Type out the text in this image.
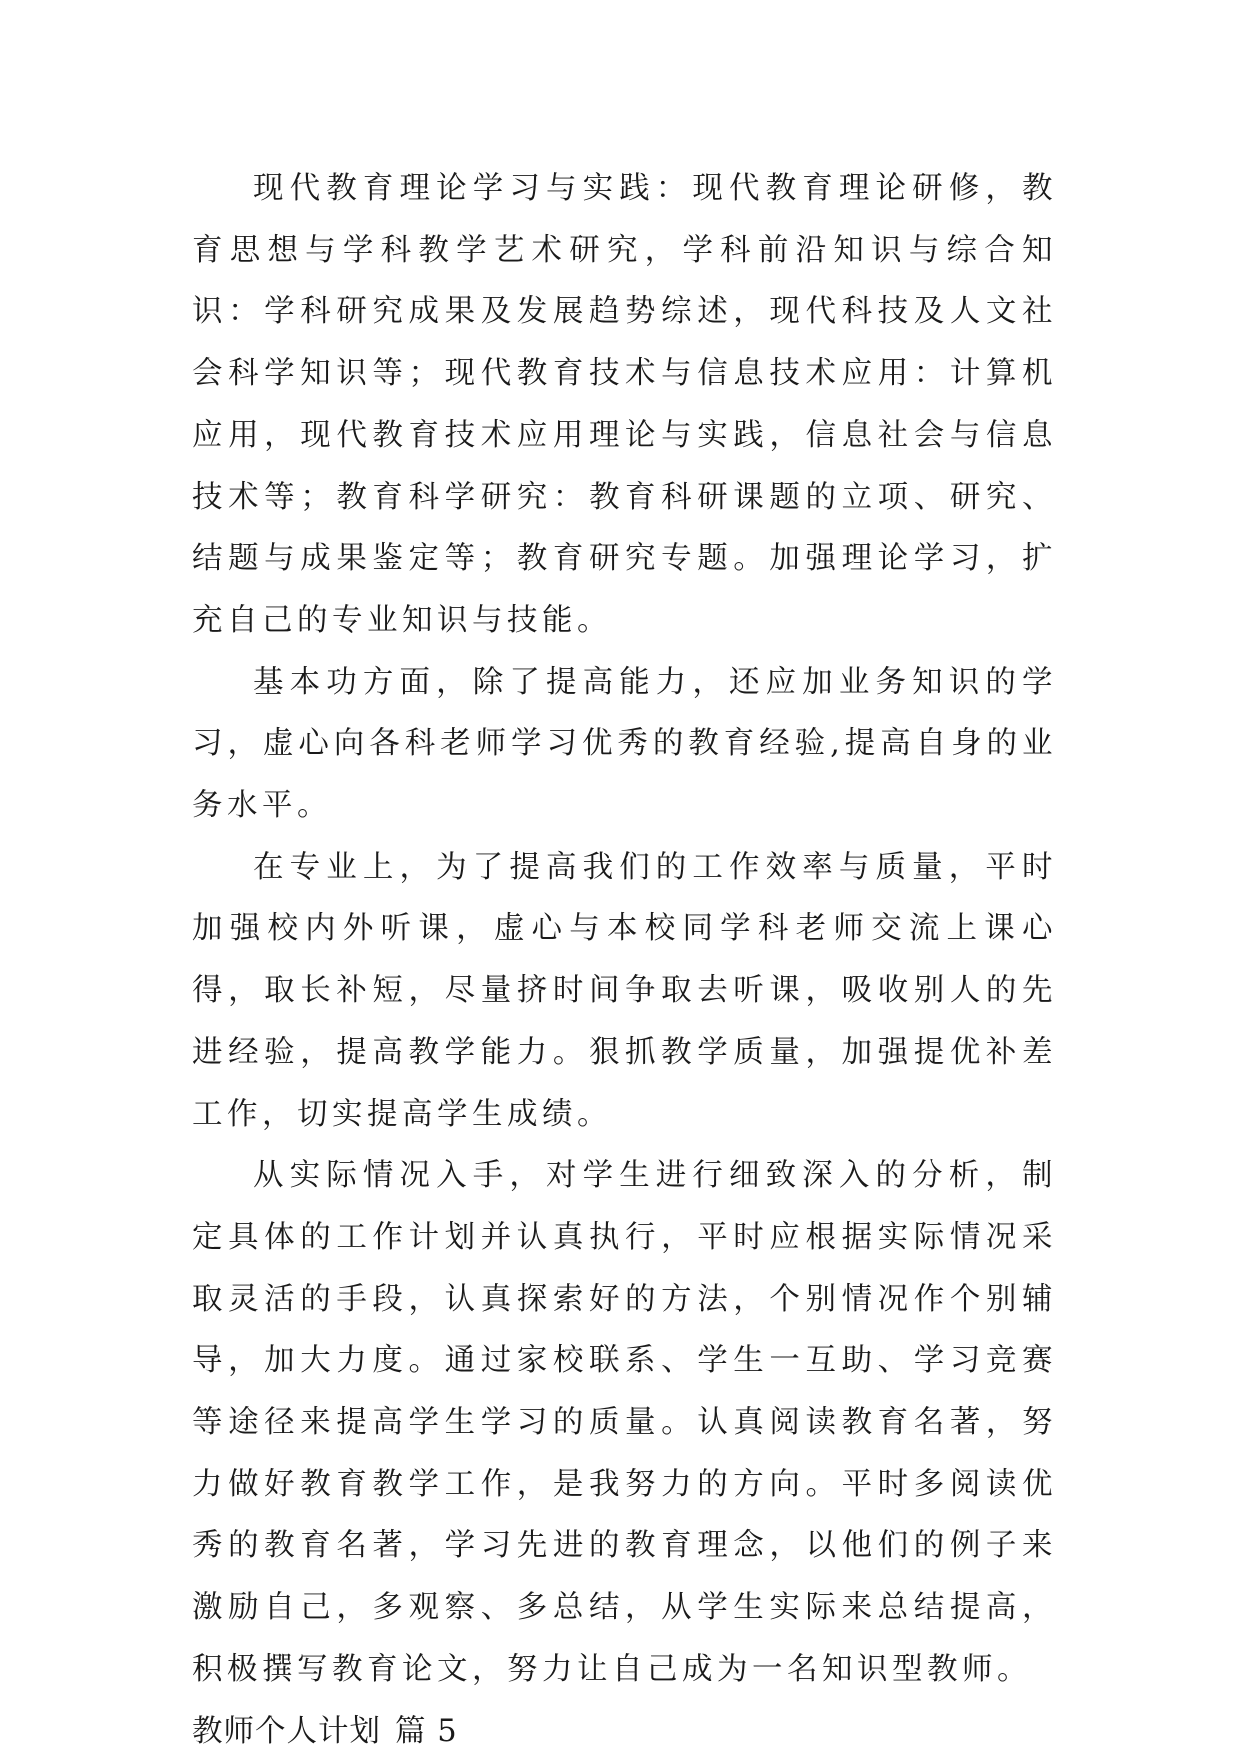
现代教育理论学习与实践：现代教育理论研修，教育思想与学科教学艺术研究，学科前沿知识与综合知识：学科研究成果及发展趋势综述，现代科技及人文社会科学知识等；现代教育技术与信息技术应用：计算机应用，现代教育技术应用理论与实践，信息社会与信息技术等；教育科学研究：教育科研课题的立项、研究、结题与成果鉴定等；教育研究专题。加强理论学习，扩充自己的专业知识与技能。

基本功方面，除了提高能力，还应加业务知识的学习，虚心向各科老师学习优秀的教育经验,提高自身的业务水平。

在专业上，为了提高我们的工作效率与质量，平时加强校内外听课，虚心与本校同学科老师交流上课心得，取长补短，尽量挤时间争取去听课，吸收别人的先进经验，提高教学能力。狠抓教学质量，加强提优补差工作，切实提高学生成绩。

从实际情况入手，对学生进行细致深入的分析，制定具体的工作计划并认真执行，平时应根据实际情况采取灵活的手段，认真探索好的方法，个别情况作个别辅导，加大力度。通过家校联系、学生一互助、学习竞赛等途径来提高学生学习的质量。认真阅读教育名著，努力做好教育教学工作，是我努力的方向。平时多阅读优秀的教育名著，学习先进的教育理念，以他们的例子来激励自己，多观察、多总结，从学生实际来总结提高，积极撰写教育论文，努力让自己成为一名知识型教师。

教师个人计划 篇 5
